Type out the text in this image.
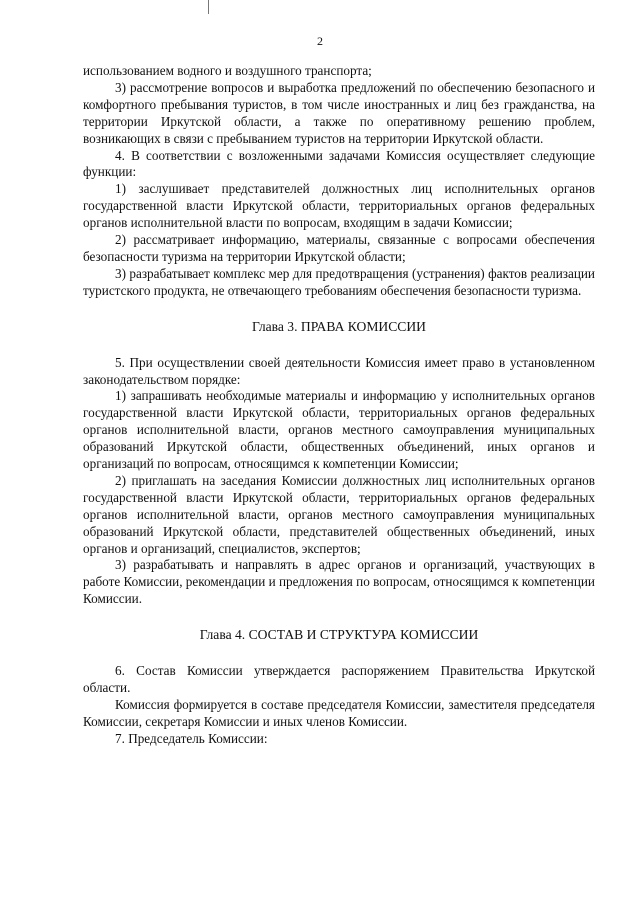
2

использованием водного и воздушного транспорта;

3) рассмотрение вопросов и выработка предложений по обеспечению безопасного и комфортного пребывания туристов, в том числе иностранных и лиц без гражданства, на территории Иркутской области, а также по оперативному решению проблем, возникающих в связи с пребыванием туристов на территории Иркутской области.

4. В соответствии с возложенными задачами Комиссия осуществляет следующие функции:

1) заслушивает представителей должностных лиц исполнительных органов государственной власти Иркутской области, территориальных органов федеральных органов исполнительной власти по вопросам, входящим в задачи Комиссии;

2) рассматривает информацию, материалы, связанные с вопросами обеспечения безопасности туризма на территории Иркутской области;

3) разрабатывает комплекс мер для предотвращения (устранения) фактов реализации туристского продукта, не отвечающего требованиям обеспечения безопасности туризма.

Глава 3. ПРАВА КОМИССИИ

5. При осуществлении своей деятельности Комиссия имеет право в установленном законодательством порядке:

1) запрашивать необходимые материалы и информацию у исполнительных органов государственной власти Иркутской области, территориальных органов федеральных органов исполнительной власти, органов местного самоуправления муниципальных образований Иркутской области, общественных объединений, иных органов и организаций по вопросам, относящимся к компетенции Комиссии;

2) приглашать на заседания Комиссии должностных лиц исполнительных органов государственной власти Иркутской области, территориальных органов федеральных органов исполнительной власти, органов местного самоуправления муниципальных образований Иркутской области, представителей общественных объединений, иных органов и организаций, специалистов, экспертов;

3) разрабатывать и направлять в адрес органов и организаций, участвующих в работе Комиссии, рекомендации и предложения по вопросам, относящимся к компетенции Комиссии.

Глава 4. СОСТАВ И СТРУКТУРА КОМИССИИ

6. Состав Комиссии утверждается распоряжением Правительства Иркутской области.

Комиссия формируется в составе председателя Комиссии, заместителя председателя Комиссии, секретаря Комиссии и иных членов Комиссии.

7. Председатель Комиссии:
